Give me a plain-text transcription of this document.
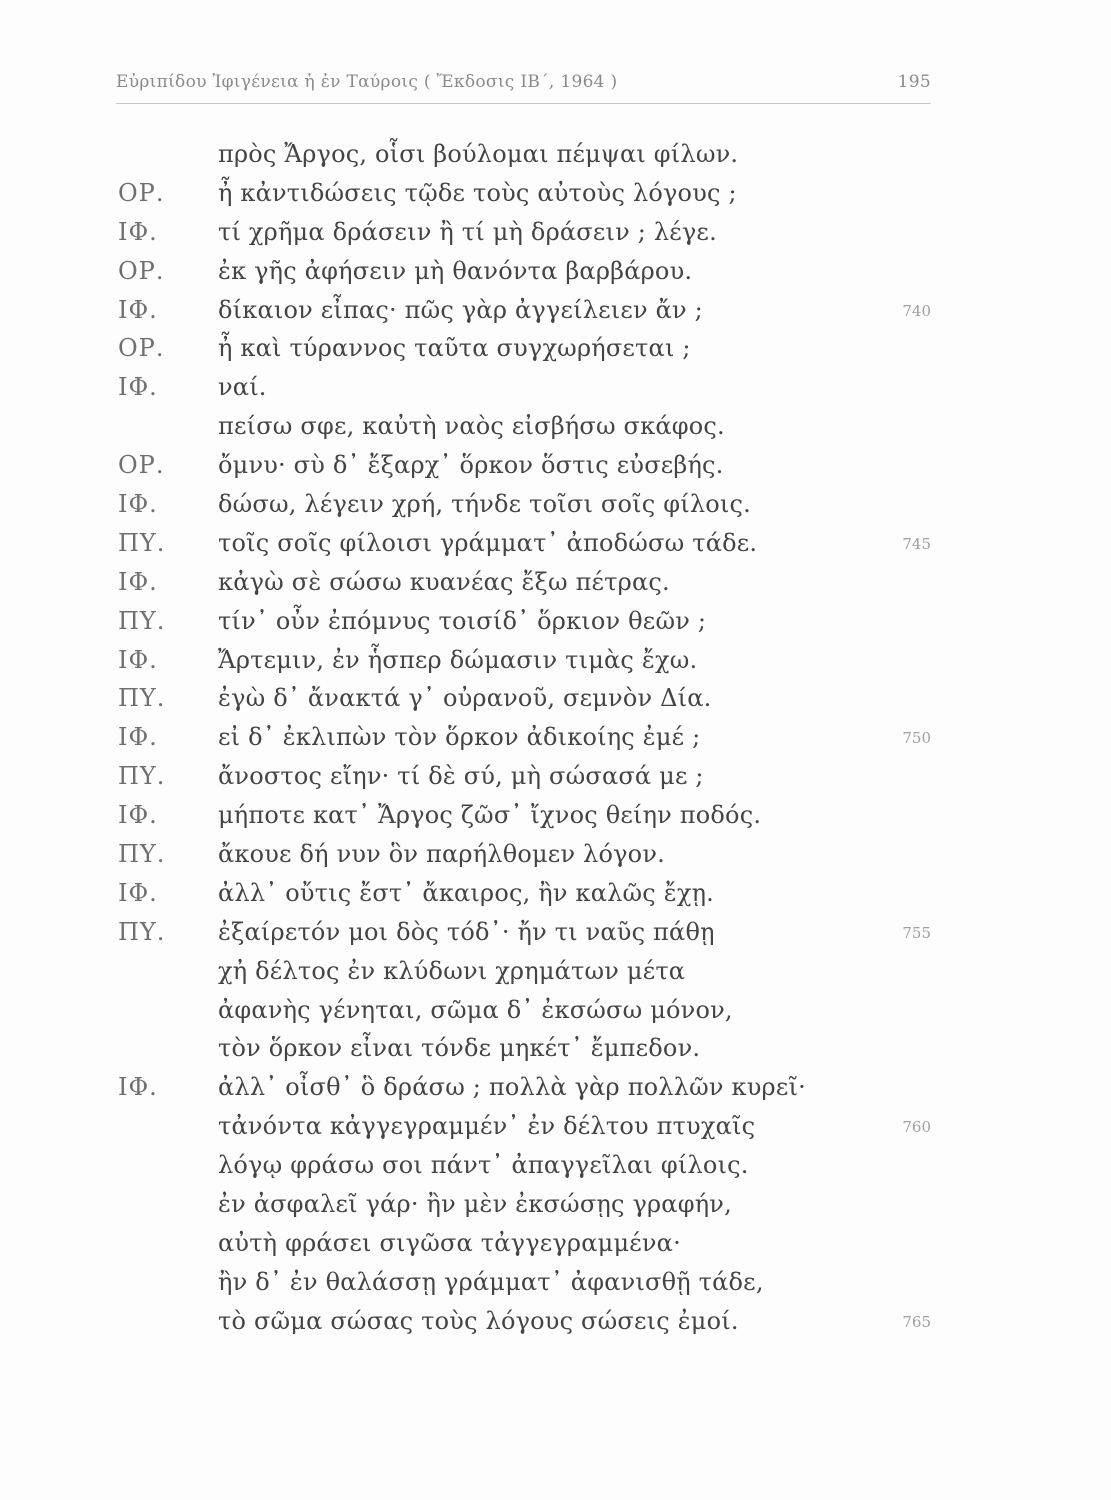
Εὐριπίδου Ἰφιγένεια ἡ ἐν Ταύροις ( Ἔκδοσις ΙΒ΄, 1964 )	195
πρὸς Ἄργος, οἷσι βούλομαι πέμψαι φίλων.
ΟΡ. ἦ κἀντιδώσεις τῷδε τοὺς αὐτοὺς λόγους ;
ΙΦ.	τί χρῆμα δράσειν ἢ τί μὴ δράσειν ; λέγε.
ΟΡ. ἐκ γῆς ἀφήσειν μὴ θανόντα βαρβάρου.
ΙΦ.	δίκαιον εἶπας· πῶς γὰρ ἀγγείλειεν ἄν ;	740
ΟΡ. ἦ καὶ τύραννος ταῦτα συγχωρήσεται ;
ΙΦ.	ναί.
πείσω σφε, καὐτὴ ναὸς εἰσβήσω σκάφος.
ΟΡ. ὄμνυ· σὺ δ᾽ ἔξαρχ᾽ ὅρκον ὅστις εὐσεβής.
ΙΦ.	δώσω, λέγειν χρή, τήνδε τοῖσι σοῖς φίλοις.
ΠΥ. τοῖς σοῖς φίλοισι γράμματ᾽ ἀποδώσω τάδε.	745
ΙΦ.	κἀγὼ σὲ σώσω κυανέας ἔξω πέτρας.
ΠΥ. τίν᾽ οὖν ἐπόμνυς τοισίδ᾽ ὅρκιον θεῶν ;
ΙΦ.	Ἄρτεμιν, ἐν ἧσπερ δώμασιν τιμὰς ἔχω.
ΠΥ. ἐγὼ δ᾽ ἄνακτά γ᾽ οὐρανοῦ, σεμνὸν Δία.
ΙΦ.	εἰ δ᾽ ἐκλιπὼν τὸν ὅρκον ἀδικοίης ἐμέ ;	750
ΠΥ. ἄνοστος εἴην· τί δὲ σύ, μὴ σώσασά με ;
ΙΦ.	μήποτε κατ᾽ Ἄργος ζῶσ᾽ ἴχνος θείην ποδός.
ΠΥ. ἄκουε δή νυν ὃν παρήλθομεν λόγον.
ΙΦ.	ἀλλ᾽ οὔτις ἔστ᾽ ἄκαιρος, ἢν καλῶς ἔχῃ.
ΠΥ. ἐξαίρετόν μοι δὸς τόδ᾽· ἤν τι ναῦς πάθῃ	755
χἠ δέλτος ἐν κλύδωνι χρημάτων μέτα
ἀφανὴς γένηται, σῶμα δ᾽ ἐκσώσω μόνον,
τὸν ὅρκον εἶναι τόνδε μηκέτ᾽ ἔμπεδον.
ΙΦ.	ἀλλ᾽ οἶσθ᾽ ὃ δράσω ; πολλὰ γὰρ πολλῶν κυρεῖ·
τἀνόντα κἀγγεγραμμέν᾽ ἐν δέλτου πτυχαῖς	760
λόγῳ φράσω σοι πάντ᾽ ἀπαγγεῖλαι φίλοις.
ἐν ἀσφαλεῖ γάρ· ἢν μὲν ἐκσώσῃς γραφήν,
αὐτὴ φράσει σιγῶσα τἀγγεγραμμένα·
ἢν δ᾽ ἐν θαλάσσῃ γράμματ᾽ ἀφανισθῇ τάδε,
τὸ σῶμα σώσας τοὺς λόγους σώσεις ἐμοί.	765
